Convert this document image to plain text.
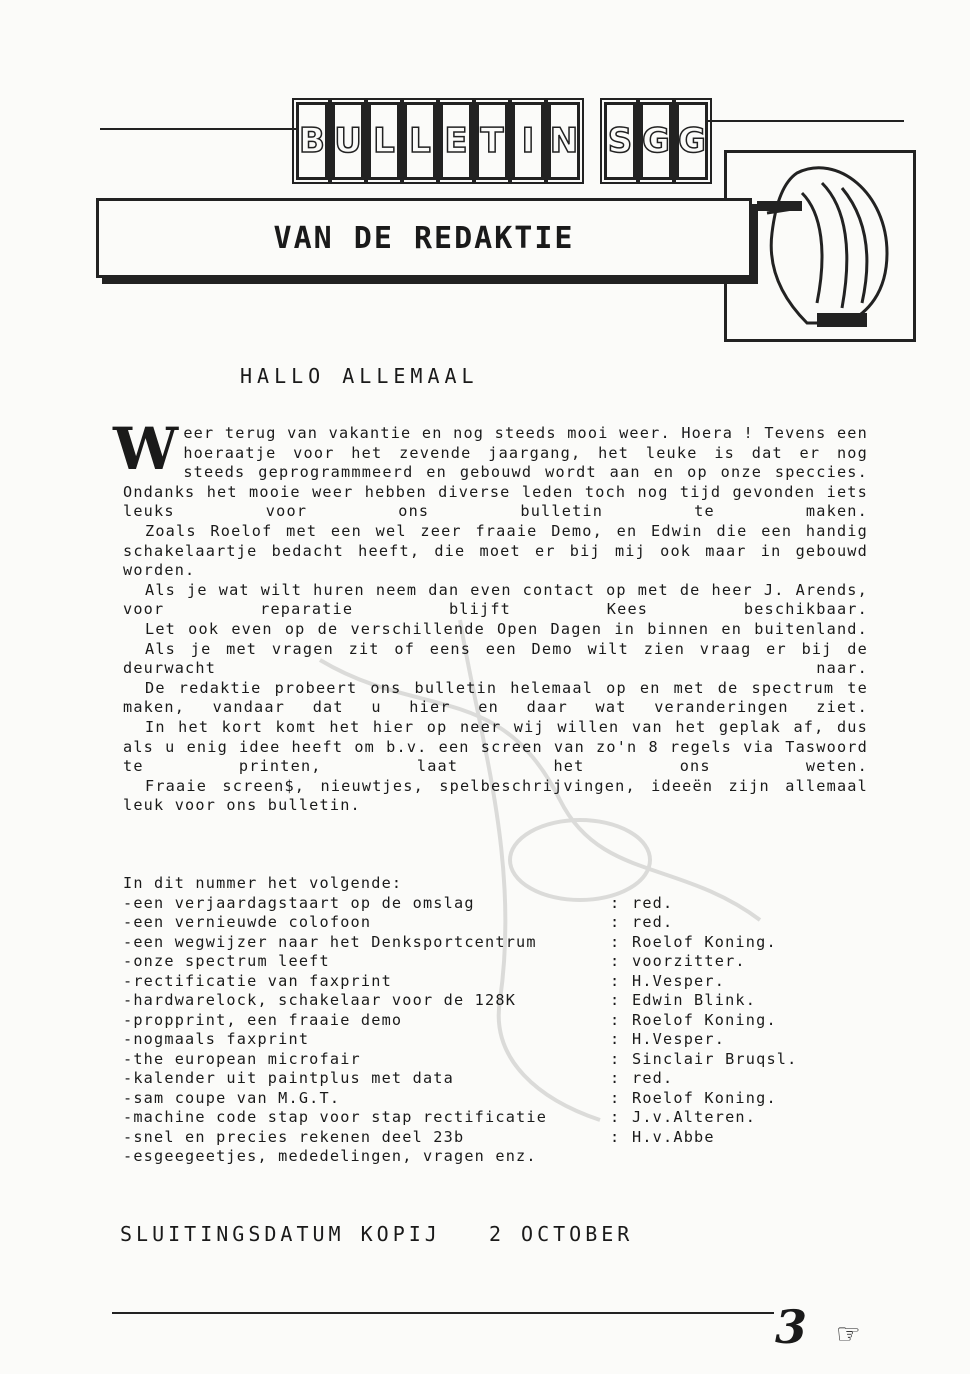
B U L L E T I N S G G
VAN DE REDAKTIE
HALLO ALLEMAAL

Weer terug van vakantie en nog steeds mooi weer. Hoera ! Tevens een hoeraatje voor het zevende jaargang, het leuke is dat er nog steeds geprogrammmeerd en gebouwd wordt aan en op onze speccies. Ondanks het mooie weer hebben diverse leden toch nog tijd gevonden iets leuks voor ons bulletin te maken.

Zoals Roelof met een wel zeer fraaie Demo, en Edwin die een handig schakelaartje bedacht heeft, die moet er bij mij ook maar in gebouwd worden.

Als je wat wilt huren neem dan even contact op met de heer J. Arends, voor reparatie blijft Kees beschikbaar.

Let ook even op de verschillende Open Dagen in binnen en buitenland.

Als je met vragen zit of eens een Demo wilt zien vraag er bij de deurwacht naar.

De redaktie probeert ons bulletin helemaal op en met de spectrum te maken, vandaar dat u hier en daar wat veranderingen ziet.

In het kort komt het hier op neer wij willen van het geplak af, dus als u enig idee heeft om b.v. een screen van zo'n 8 regels via Taswoord te printen, laat het ons weten.

Fraaie screen$, nieuwtjes, spelbeschrijvingen, ideeën zijn allemaal leuk voor ons bulletin.

In dit nummer het volgende:
-een verjaardagstaart op de omslag	: red.
-een vernieuwde colofoon	: red.
-een wegwijzer naar het Denksportcentrum	: Roelof Koning.
-onze spectrum leeft	: voorzitter.
-rectificatie van faxprint	: H.Vesper.
-hardwarelock, schakelaar voor de 128K	: Edwin Blink.
-propprint, een fraaie demo	: Roelof Koning.
-nogmaals faxprint	: H.Vesper.
-the european microfair	: Sinclair Bruqsl.
-kalender uit paintplus met data	: red.
-sam coupe van M.G.T.	: Roelof Koning.
-machine code stap voor stap rectificatie	: J.v.Alteren.
-snel en precies rekenen deel 23b	: H.v.Abbe
-esgeegeetjes, mededelingen, vragen enz.
SLUITINGSDATUM KOPIJ   2 OCTOBER
3 ☞
